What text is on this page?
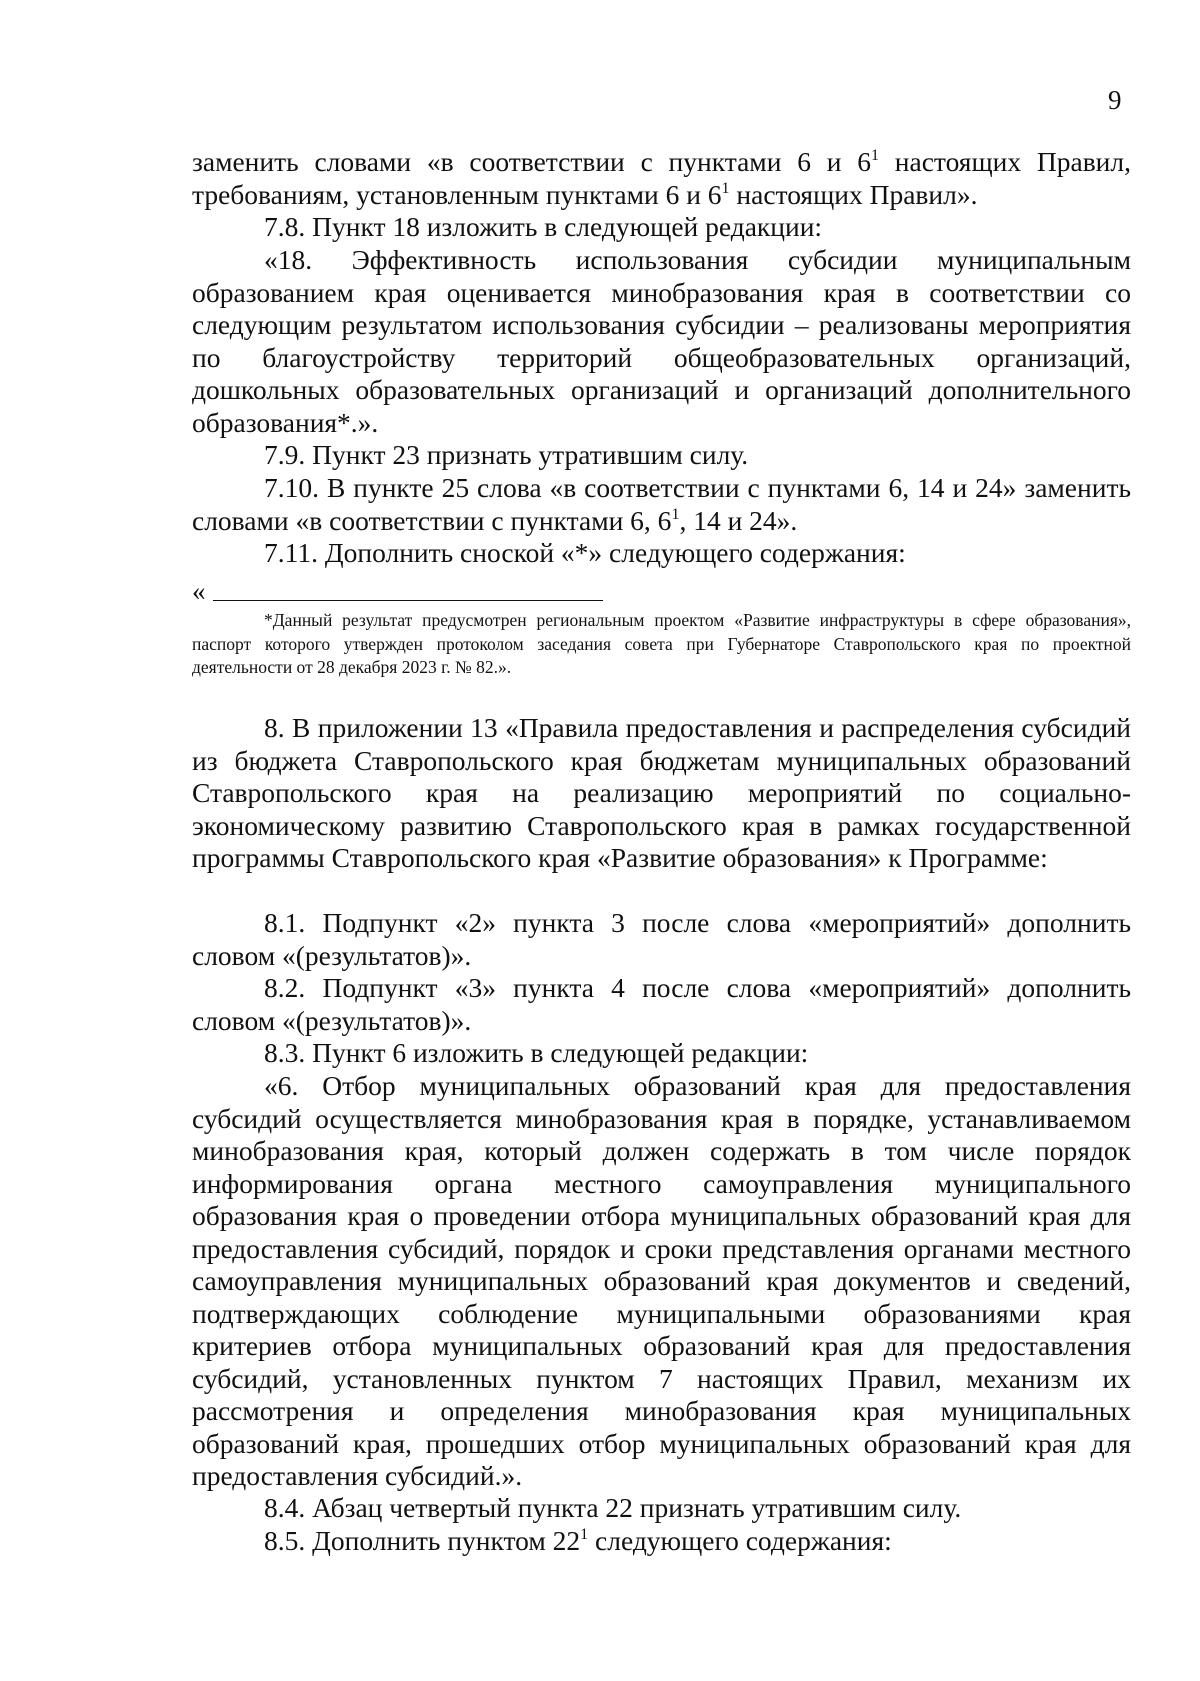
9

заменить словами «в соответствии с пунктами 6 и $6^1$ настоящих Правил, требованиям, установленным пунктами 6 и $6^1$ настоящих Правил».

7.8. Пункт 18 изложить в следующей редакции:

«18. Эффективность использования субсидии муниципальным образованием края оценивается минобразования края в соответствии со следующим результатом использования субсидии – реализованы мероприятия по благоустройству территорий общеобразовательных организаций, дошкольных образовательных организаций и организаций дополнительного образования*.».

7.9. Пункт 23 признать утратившим силу.

7.10. В пункте 25 слова «в соответствии с пунктами 6, 14 и 24» заменить словами «в соответствии с пунктами 6, $6^1$, 14 и 24».

7.11. Дополнить сноской «*» следующего содержания:

«

*Данный результат предусмотрен региональным проектом «Развитие инфраструктуры в сфере образования», паспорт которого утвержден протоколом заседания совета при Губернаторе Ставропольского края по проектной деятельности от 28 декабря 2023 г. № 82.».

8. В приложении 13 «Правила предоставления и распределения субсидий из бюджета Ставропольского края бюджетам муниципальных образований Ставропольского края на реализацию мероприятий по социально-экономическому развитию Ставропольского края в рамках государственной программы Ставропольского края «Развитие образования» к Программе:

8.1. Подпункт «2» пункта 3 после слова «мероприятий» дополнить словом «(результатов)».

8.2. Подпункт «3» пункта 4 после слова «мероприятий» дополнить словом «(результатов)».

8.3. Пункт 6 изложить в следующей редакции:

«6. Отбор муниципальных образований края для предоставления субсидий осуществляется минобразования края в порядке, устанавливаемом минобразования края, который должен содержать в том числе порядок информирования органа местного самоуправления муниципального образования края о проведении отбора муниципальных образований края для предоставления субсидий, порядок и сроки представления органами местного самоуправления муниципальных образований края документов и сведений, подтверждающих соблюдение муниципальными образованиями края критериев отбора муниципальных образований края для предоставления субсидий, установленных пунктом 7 настоящих Правил, механизм их рассмотрения и определения минобразования края муниципальных образований края, прошедших отбор муниципальных образований края для предоставления субсидий.».

8.4. Абзац четвертый пункта 22 признать утратившим силу.

8.5. Дополнить пунктом $22^1$ следующего содержания:
